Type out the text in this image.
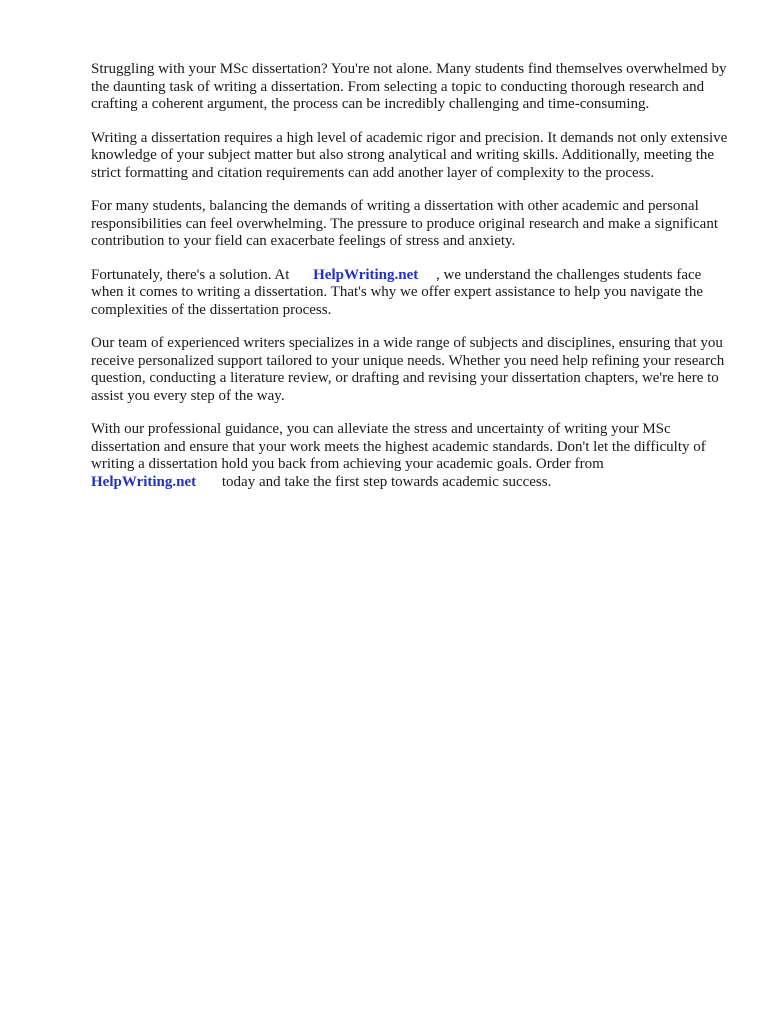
Struggling with your MSc dissertation? You're not alone. Many students find themselves overwhelmed by the daunting task of writing a dissertation. From selecting a topic to conducting thorough research and crafting a coherent argument, the process can be incredibly challenging and time-consuming.

Writing a dissertation requires a high level of academic rigor and precision. It demands not only extensive knowledge of your subject matter but also strong analytical and writing skills. Additionally, meeting the strict formatting and citation requirements can add another layer of complexity to the process.

For many students, balancing the demands of writing a dissertation with other academic and personal responsibilities can feel overwhelming. The pressure to produce original research and make a significant contribution to your field can exacerbate feelings of stress and anxiety.

Fortunately, there's a solution. At HelpWriting.net , we understand the challenges students face when it comes to writing a dissertation. That's why we offer expert assistance to help you navigate the complexities of the dissertation process.

Our team of experienced writers specializes in a wide range of subjects and disciplines, ensuring that you receive personalized support tailored to your unique needs. Whether you need help refining your research question, conducting a literature review, or drafting and revising your dissertation chapters, we're here to assist you every step of the way.

With our professional guidance, you can alleviate the stress and uncertainty of writing your MSc dissertation and ensure that your work meets the highest academic standards. Don't let the difficulty of writing a dissertation hold you back from achieving your academic goals. Order from HelpWriting.net today and take the first step towards academic success.
